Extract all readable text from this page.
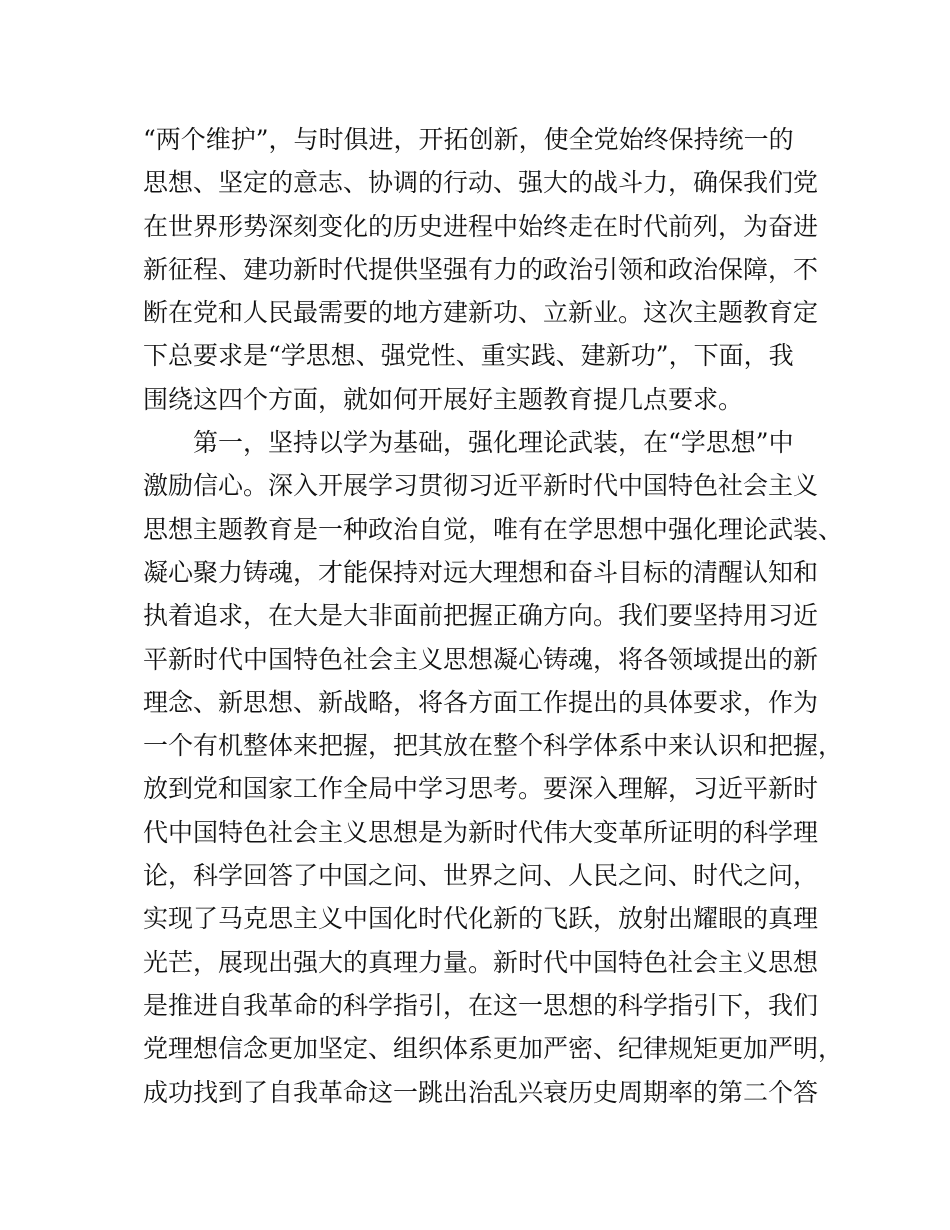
“两个维护”，与时俱进，开拓创新，使全党始终保持统一的
思想、坚定的意志、协调的行动、强大的战斗力，确保我们党
在世界形势深刻变化的历史进程中始终走在时代前列，为奋进
新征程、建功新时代提供坚强有力的政治引领和政治保障，不
断在党和人民最需要的地方建新功、立新业。这次主题教育定
下总要求是“学思想、强党性、重实践、建新功”，下面，我
围绕这四个方面，就如何开展好主题教育提几点要求。
第一，坚持以学为基础，强化理论武装，在“学思想”中
激励信心。深入开展学习贯彻习近平新时代中国特色社会主义
思想主题教育是一种政治自觉，唯有在学思想中强化理论武装、
凝心聚力铸魂，才能保持对远大理想和奋斗目标的清醒认知和
执着追求，在大是大非面前把握正确方向。我们要坚持用习近
平新时代中国特色社会主义思想凝心铸魂，将各领域提出的新
理念、新思想、新战略，将各方面工作提出的具体要求，作为
一个有机整体来把握，把其放在整个科学体系中来认识和把握，
放到党和国家工作全局中学习思考。要深入理解，习近平新时
代中国特色社会主义思想是为新时代伟大变革所证明的科学理
论，科学回答了中国之问、世界之问、人民之问、时代之问，
实现了马克思主义中国化时代化新的飞跃，放射出耀眼的真理
光芒，展现出强大的真理力量。新时代中国特色社会主义思想
是推进自我革命的科学指引，在这一思想的科学指引下，我们
党理想信念更加坚定、组织体系更加严密、纪律规矩更加严明，
成功找到了自我革命这一跳出治乱兴衰历史周期率的第二个答
